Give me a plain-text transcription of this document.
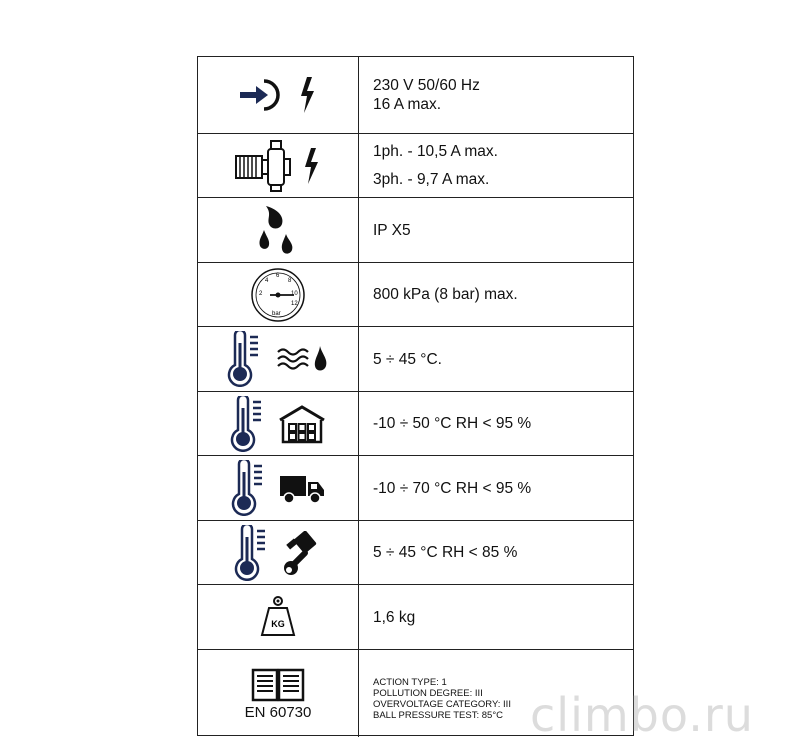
230 V 50/60 Hz
16 A max.
1ph. - 10,5 A max.
3ph. - 9,7 A max.
IP X5
2
4
6
8
10
12
bar
800 kPa (8 bar) max.
5 ÷ 45 °C.
-10 ÷ 50 °C RH < 95 %
-10 ÷ 70 °C RH < 95 %
5 ÷ 45 °C RH < 85 %
KG	1,6 kg
EN 60730
ACTION TYPE: 1
POLLUTION DEGREE: III
OVERVOLTAGE CATEGORY: III
BALL PRESSURE TEST: 85°C climbo.ru
